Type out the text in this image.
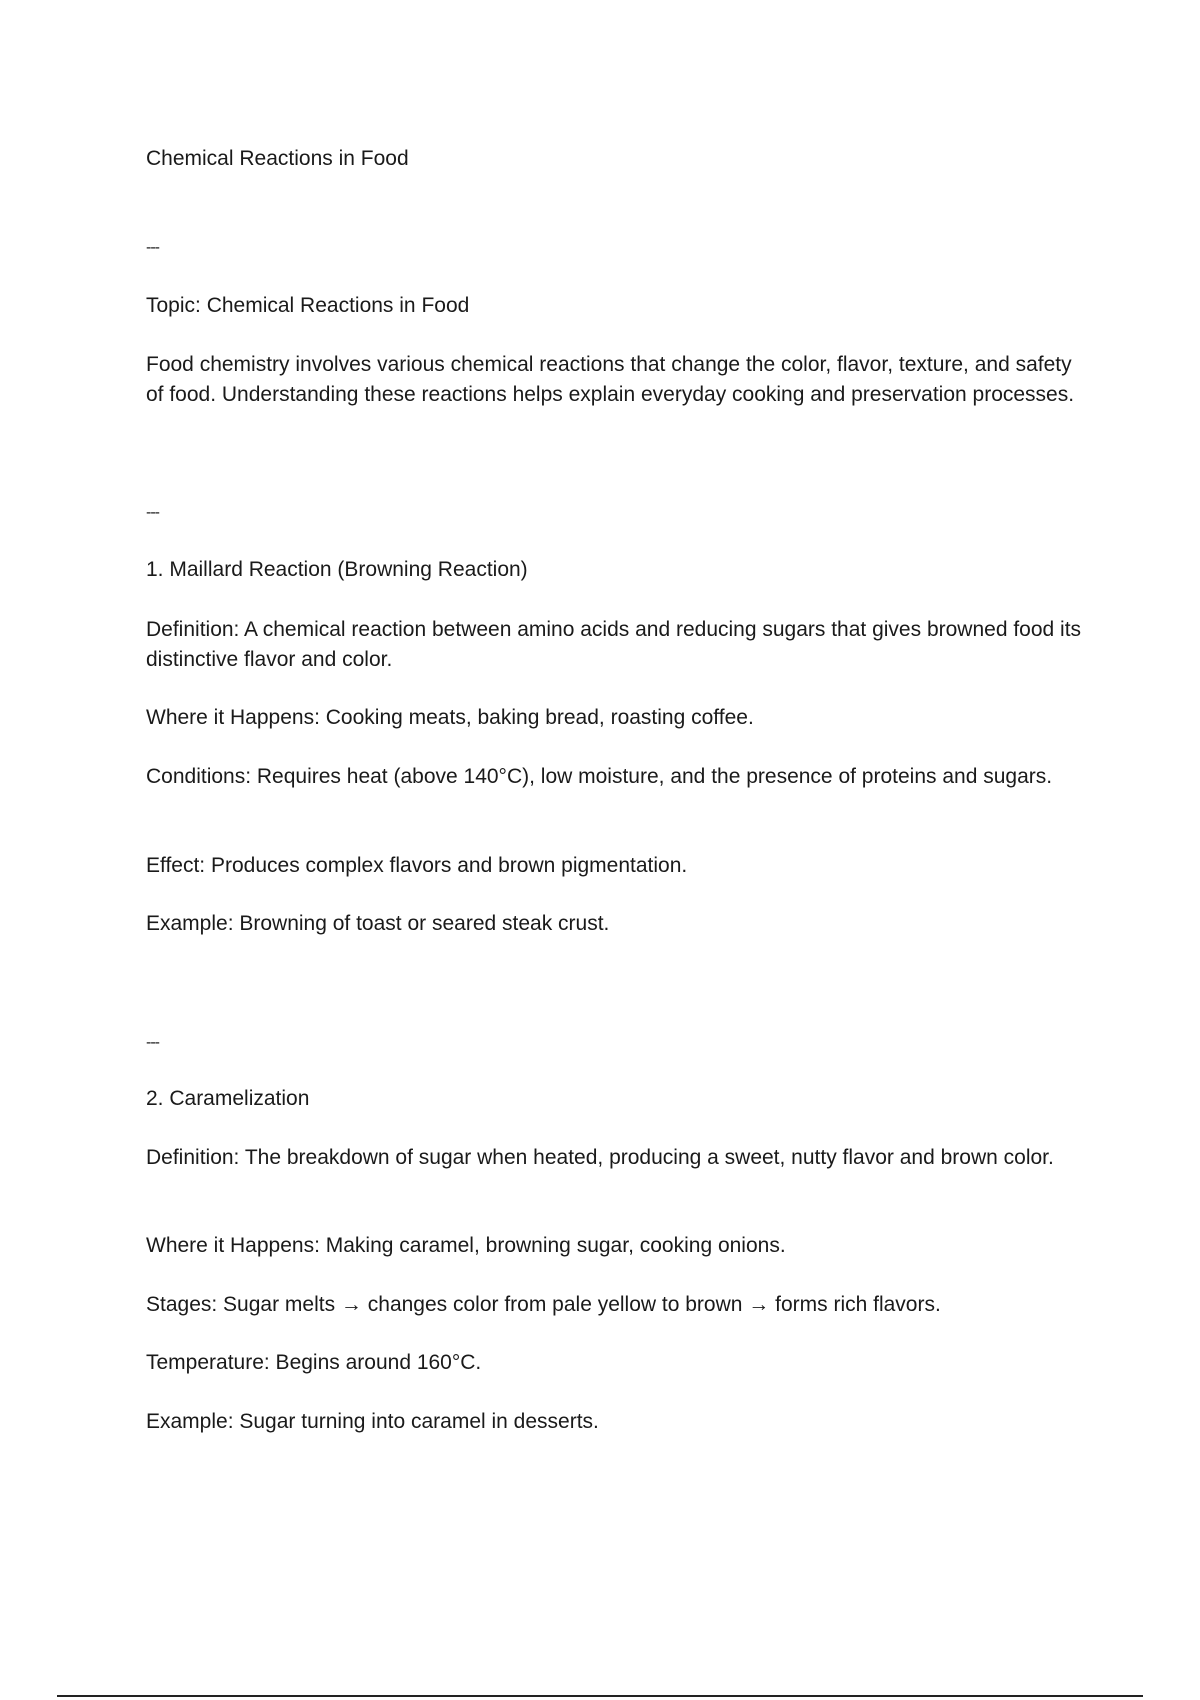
Chemical Reactions in Food

---

Topic: Chemical Reactions in Food

Food chemistry involves various chemical reactions that change the color, flavor, texture, and safety of food. Understanding these reactions helps explain everyday cooking and preservation processes.

---

1. Maillard Reaction (Browning Reaction)

Definition: A chemical reaction between amino acids and reducing sugars that gives browned food its distinctive flavor and color.

Where it Happens: Cooking meats, baking bread, roasting coffee.

Conditions: Requires heat (above 140°C), low moisture, and the presence of proteins and sugars.

Effect: Produces complex flavors and brown pigmentation.

Example: Browning of toast or seared steak crust.

---

2. Caramelization

Definition: The breakdown of sugar when heated, producing a sweet, nutty flavor and brown color.

Where it Happens: Making caramel, browning sugar, cooking onions.

Stages: Sugar melts → changes color from pale yellow to brown → forms rich flavors.

Temperature: Begins around 160°C.

Example: Sugar turning into caramel in desserts.
